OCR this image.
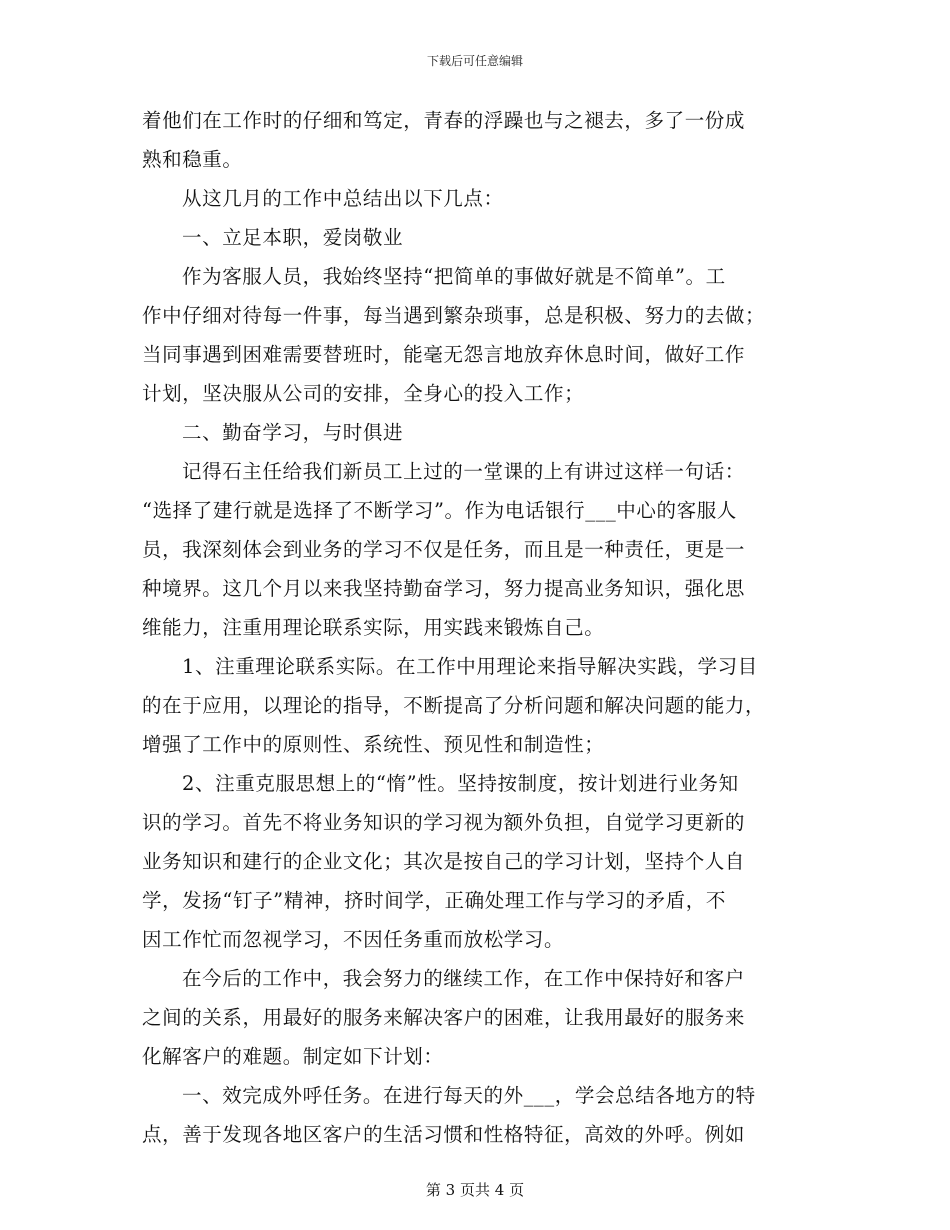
下载后可任意编辑
着他们在工作时的仔细和笃定，青春的浮躁也与之褪去，多了一份成
熟和稳重。
从这几月的工作中总结出以下几点：
一、立足本职，爱岗敬业
作为客服人员，我始终坚持“把简单的事做好就是不简单”。工
作中仔细对待每一件事，每当遇到繁杂琐事，总是积极、努力的去做；
当同事遇到困难需要替班时，能毫无怨言地放弃休息时间，做好工作
计划，坚决服从公司的安排，全身心的投入工作；
二、勤奋学习，与时俱进
记得石主任给我们新员工上过的一堂课的上有讲过这样一句话：
“选择了建行就是选择了不断学习”。作为电话银行___中心的客服人
员，我深刻体会到业务的学习不仅是任务，而且是一种责任，更是一
种境界。这几个月以来我坚持勤奋学习，努力提高业务知识，强化思
维能力，注重用理论联系实际，用实践来锻炼自己。
1、注重理论联系实际。在工作中用理论来指导解决实践，学习目
的在于应用，以理论的指导，不断提高了分析问题和解决问题的能力，
增强了工作中的原则性、系统性、预见性和制造性；
2、注重克服思想上的“惰”性。坚持按制度，按计划进行业务知
识的学习。首先不将业务知识的学习视为额外负担，自觉学习更新的
业务知识和建行的企业文化；其次是按自己的学习计划，坚持个人自
学，发扬“钉子”精神，挤时间学，正确处理工作与学习的矛盾，不
因工作忙而忽视学习，不因任务重而放松学习。
在今后的工作中，我会努力的继续工作，在工作中保持好和客户
之间的关系，用最好的服务来解决客户的困难，让我用最好的服务来
化解客户的难题。制定如下计划：
一、效完成外呼任务。在进行每天的外___，学会总结各地方的特
点，善于发现各地区客户的生活习惯和性格特征，高效的外呼。例如
第 3 页共 4 页
